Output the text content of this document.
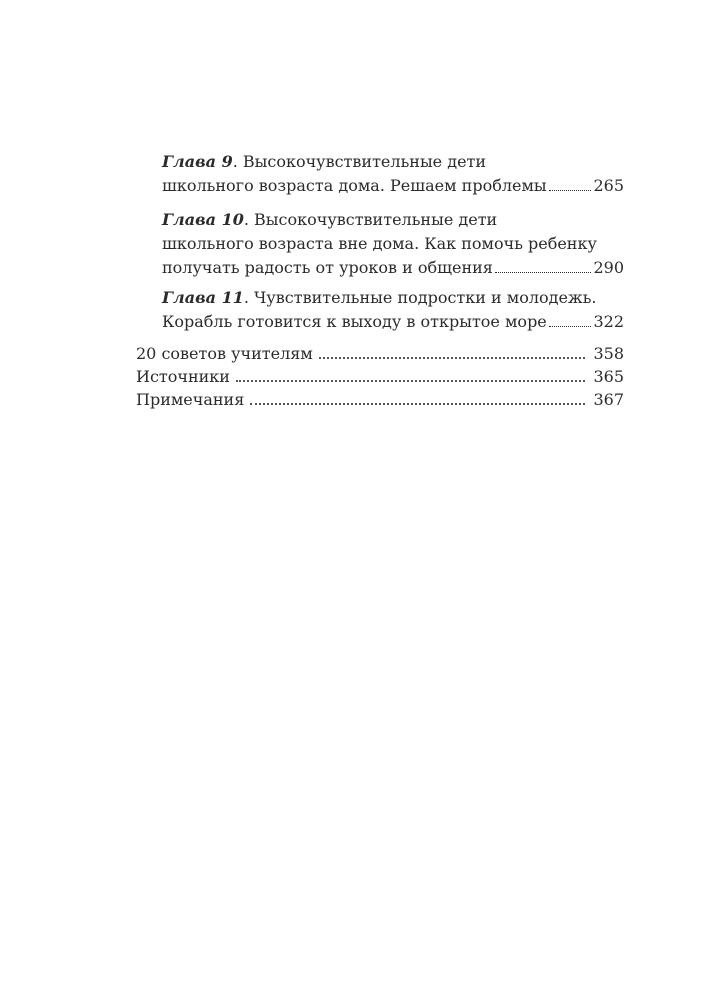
Глава 9 . Высокочувствительные дети
школьного возраста дома. Решаем проблемы	265
Глава 10 . Высокочувствительные дети
школьного возраста вне дома. Как помочь ребенку
получать радость от уроков и общения	290
Глава 11 . Чувствительные подростки и молодежь.
Корабль готовится к выходу в открытое море	322
20 советов учителям	358
Источники	365
Примечания	367
